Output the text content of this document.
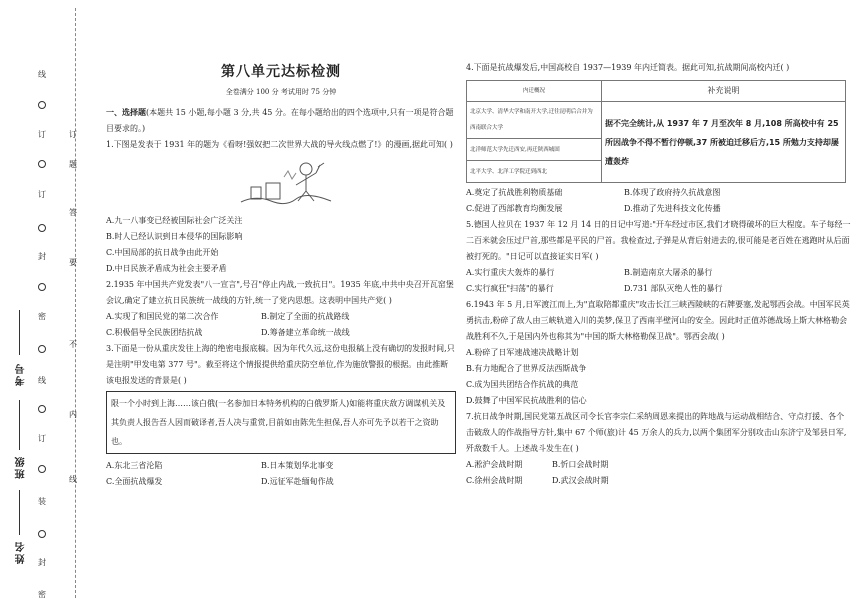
线
订
订
封
密
线
订
装
封
密
订
题
答
要
不
内
线
考号
班级
姓名
第八单元达标检测
全卷满分 100 分 考试用时 75 分钟

一、选择题(本题共 15 小题,每小题 3 分,共 45 分。在每小题给出的四个选项中,只有一项是符合题目要求的。)

1.下图是发表于 1931 年的题为《看呀!强奴把二次世界大战的导火线点燃了!》的漫画,据此可知( )

A.九一八事变已经被国际社会广泛关注

B.时人已经认识到日本侵华的国际影响

C.中国局部的抗日战争由此开始

D.中日民族矛盾成为社会主要矛盾

2.1935 年中国共产党发表"八一宣言",号召"停止内战,一致抗日"。1935 年底,中共中央召开瓦窑堡会议,确定了建立抗日民族统一战线的方针,统一了党内思想。这表明中国共产党( )

A.实现了和国民党的第二次合作	B.制定了全面的抗战路线
C.积极倡导全民族团结抗战	D.筹备建立革命统一战线

3.下面是一份从重庆发往上海的绝密电报底稿。因为年代久远,这份电报稿上没有确切的发报时间,只是注明"甲发电第 377 号"。截至将这个情报提供给重庆防空单位,作为施放警报的根据。由此推断该电报发送的背景是( )

限一个小时到上海……该白俄(一名参加日本特务机构的白俄罗斯人)如能将重庆敌方调谋机关及其负责人报告吾人因而破译者,吾人决与重赏,目前如由陈先生担保,吾人亦可先予以若干之资助也。
A.东北三省沦陷	B.日本策划华北事变
C.全面抗战爆发	D.远征军赴缅甸作战

4.下面是抗战爆发后,中国高校自 1937—1939 年内迁简表。据此可知,抗战期间高校内迁( )

内迁概况	补充说明
北京大学、清华大学和南开大学,迁往昆明后合并为西南联合大学	据不完全统计,从 1937 年 7 月至次年 8 月,108 所高校中有 25 所因战争不得不暂行停顿,37 所被迫迁移后方,15 所勉力支持却屡遭轰炸
北洋师范大学先迁西安,再迁陕西城固	
北平大学、北洋工学院迁到西北	
A.奠定了抗战胜利物质基础	B.体现了政府持久抗战意图
C.促进了西部教育均衡发展	D.推动了先进科技文化传播

5.德国人拉贝在 1937 年 12 月 14 日的日记中写道:"开车经过市区,我们才晓得破坏的巨大程度。车子每经一二百米就会压过尸首,那些都是平民的尸首。我检查过,子弹是从背后射进去的,很可能是老百姓在逃跑时从后面被打死的。"日记可以直接证实日军( )

A.实行重庆大轰炸的暴行	B.制造南京大屠杀的暴行
C.实行疯狂"扫荡"的暴行	D.731 部队灭绝人性的暴行

6.1943 年 5 月,日军渡江而上,为"直取陪都重庆"攻击长江三峡西陵峡的石牌要塞,发起鄂西会战。中国军民英勇抗击,粉碎了敌人由三峡轨道入川的美梦,保卫了西南半壁河山的安全。因此时正值苏德战场上斯大林格勒会战胜利不久,于是国内外也称其为"中国的斯大林格勒保卫战"。鄂西会战( )

A.粉碎了日军速战速决战略计划

B.有力地配合了世界反法西斯战争

C.成为国共团结合作抗战的典范

D.鼓舞了中国军民抗战胜利的信心

7.抗日战争时期,国民党第五战区司令长官李宗仁采纳周恩来提出的阵地战与运动战相结合、守点打援、各个击破敌人的作战指导方针,集中 67 个师(旅)计 45 万余人的兵力,以两个集团军分别攻击山东济宁及邹县日军,歼敌数千人。上述战斗发生在( )

A.淞沪会战时期	B.忻口会战时期
C.徐州会战时期	D.武汉会战时期
